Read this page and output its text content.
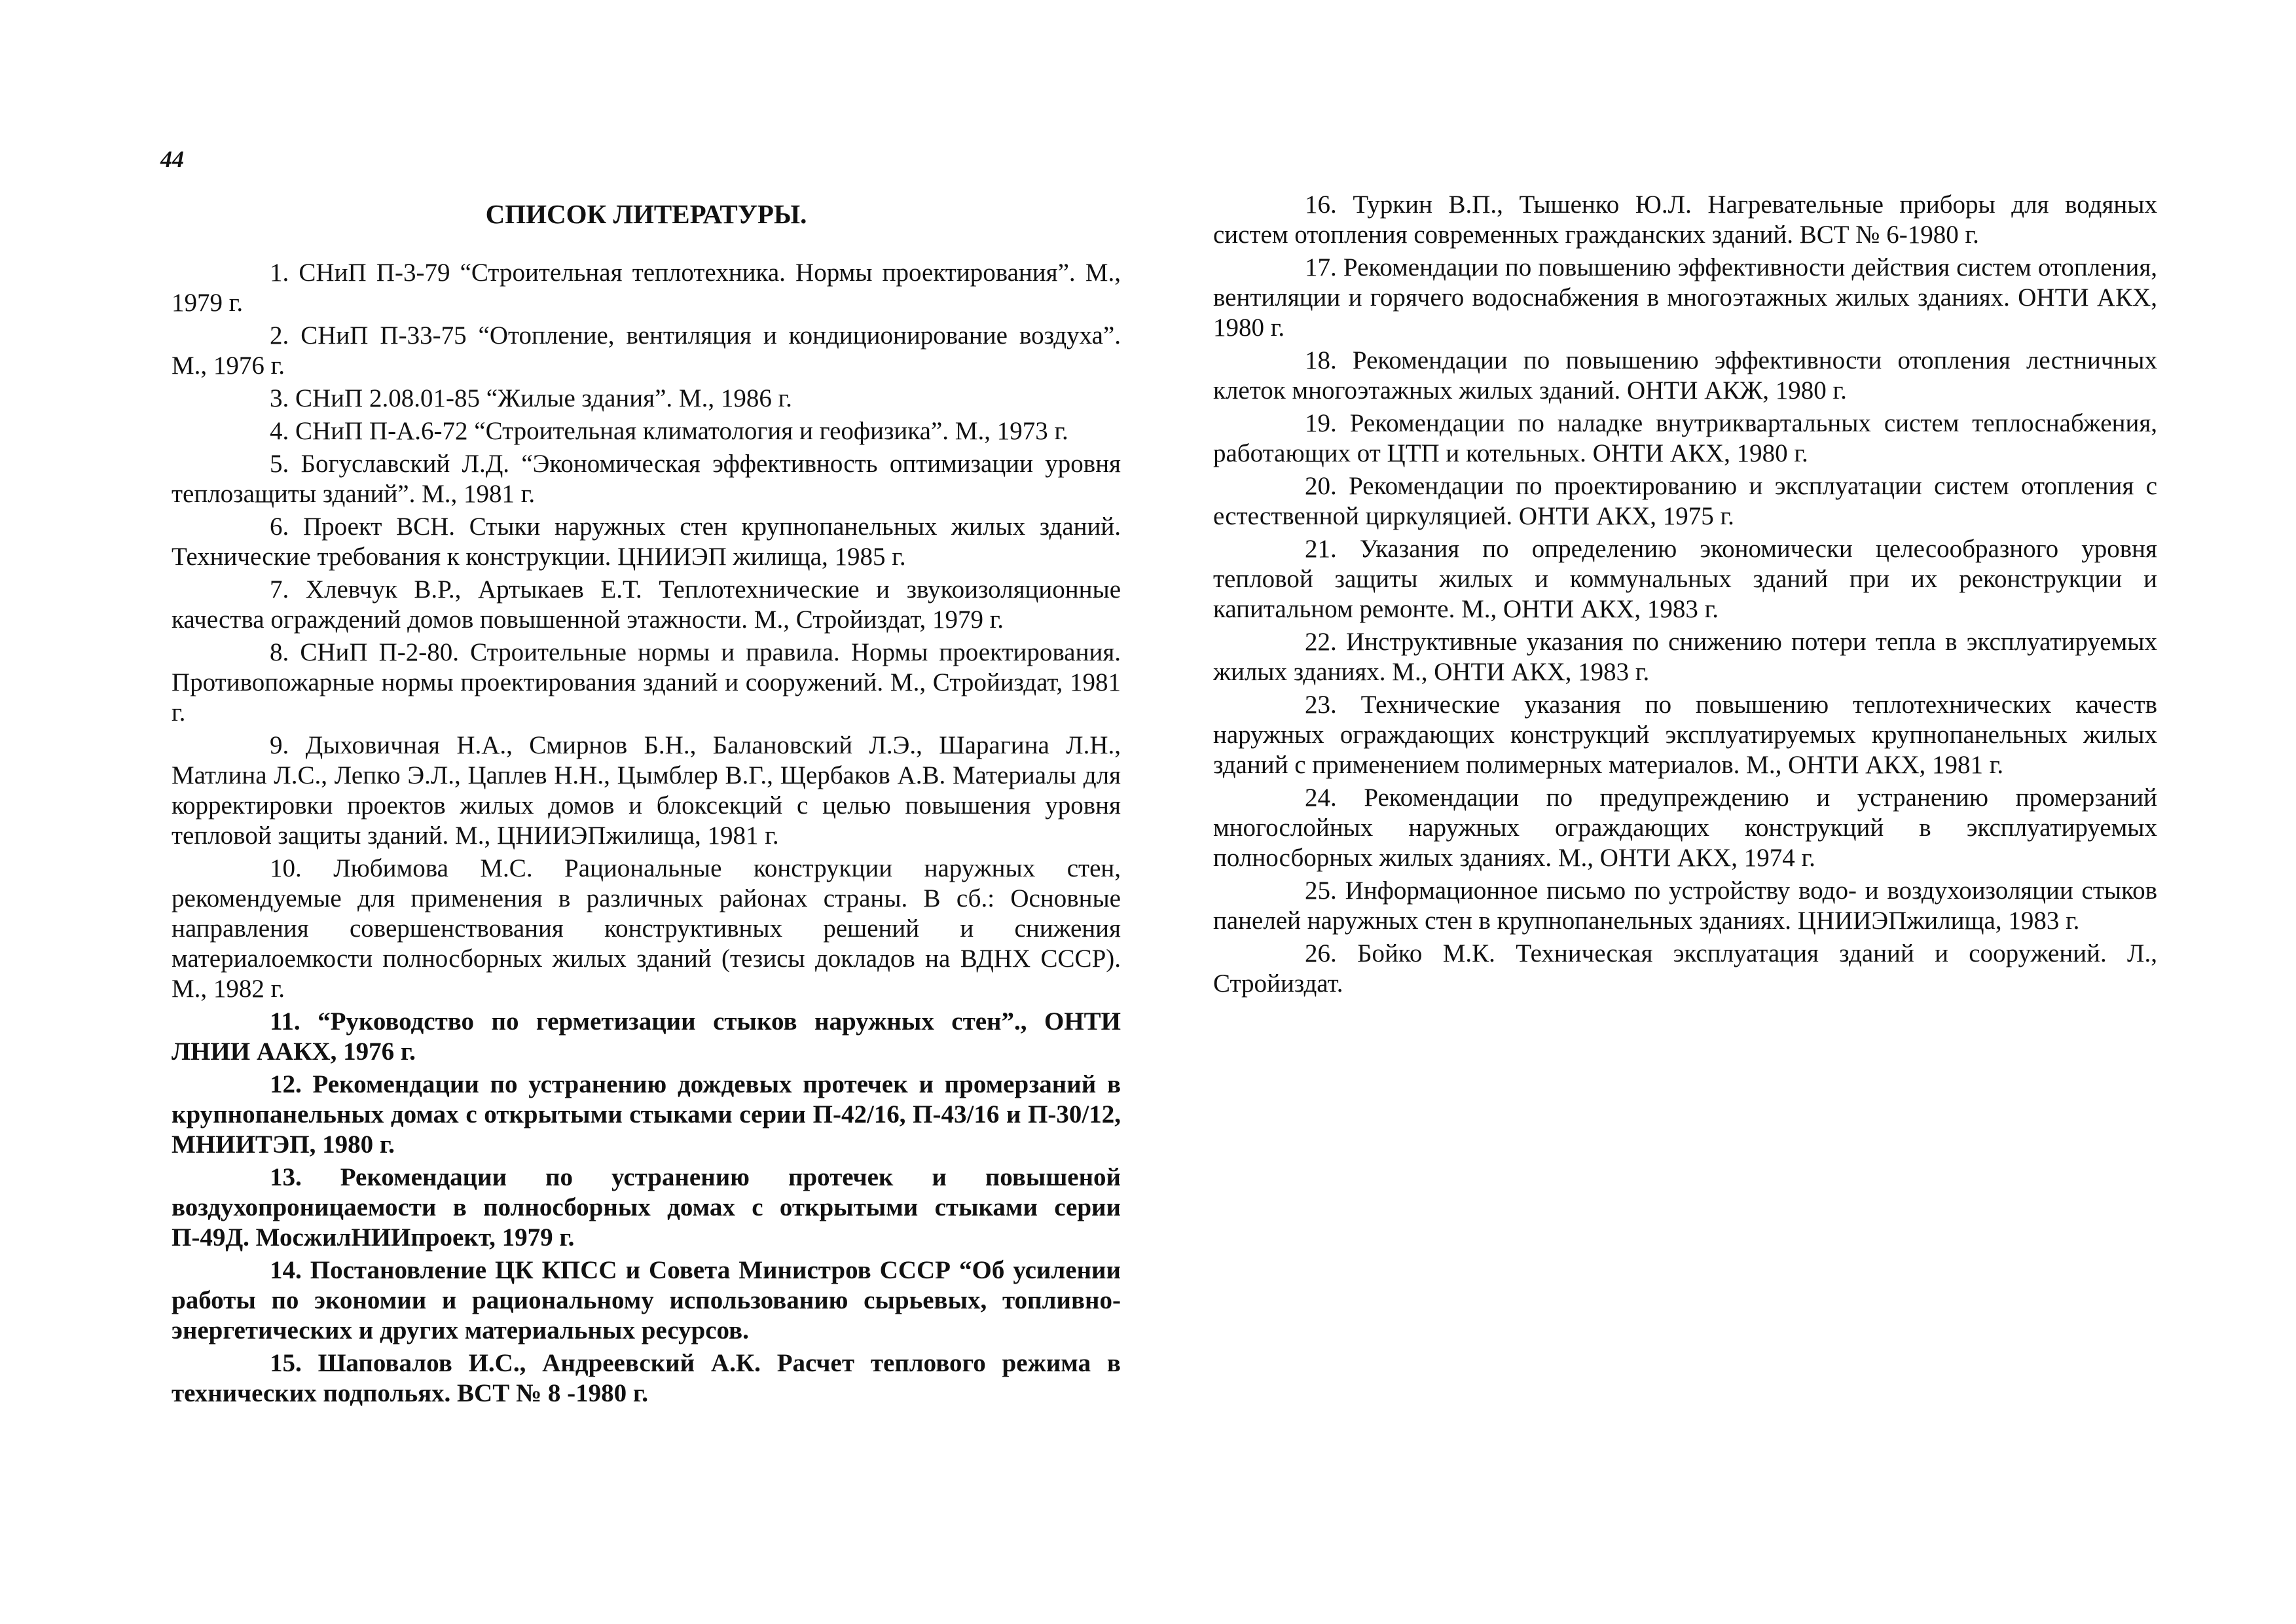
44

СПИСОК ЛИТЕРАТУРЫ.
1. СНиП П-3-79 “Строительная теплотехника. Нормы проектирования”. М., 1979 г.
2. СНиП П-33-75 “Отопление, вентиляция и кондиционирование воздуха”. М., 1976 г.
3. СНиП 2.08.01-85 “Жилые здания”. М., 1986 г.
4. СНиП П-А.6-72 “Строительная климатология и геофизика”. М., 1973 г.
5. Богуславский Л.Д. “Экономическая эффективность оптимизации уровня теплозащиты зданий”. М., 1981 г.
6. Проект ВСН. Стыки наружных стен крупнопанельных жилых зданий. Технические требования к конструкции. ЦНИИЭП жилища, 1985 г.
7. Хлевчук В.Р., Артыкаев Е.Т. Теплотехнические и звукоизоляционные качества ограждений домов повышенной этажности. М., Стройиздат, 1979 г.
8. СНиП П-2-80. Строительные нормы и правила. Нормы проектирования. Противопожарные нормы проектирования зданий и сооружений. М., Стройиздат, 1981 г.
9. Дыховичная Н.А., Смирнов Б.Н., Балановский Л.Э., Шарагина Л.Н., Матлина Л.С., Лепко Э.Л., Цаплев Н.Н., Цымблер В.Г., Щербаков А.В. Материалы для корректировки проектов жилых домов и блоксекций с целью повышения уровня тепловой защиты зданий. М., ЦНИИЭПжилища, 1981 г.
10. Любимова М.С. Рациональные конструкции наружных стен, рекомендуемые для применения в различных районах страны. В сб.: Основные направления совершенствования конструктивных решений и снижения материалоемкости полносборных жилых зданий (тезисы докладов на ВДНХ СССР). М., 1982 г.
11. “Руководство по герметизации стыков наружных стен”., ОНТИ ЛНИИ ААКХ, 1976 г.
12. Рекомендации по устранению дождевых протечек и промерзаний в крупнопанельных домах с открытыми стыками серии П-42/16, П-43/16 и П-30/12, МНИИТЭП, 1980 г.
13. Рекомендации по устранению протечек и повышеной воздухопроницаемости в полносборных домах с открытыми стыками серии П-49Д. МосжилНИИпроект, 1979 г.
14. Постановление ЦК КПСС и Совета Министров СССР “Об усилении работы по экономии и рациональному использованию сырьевых, топливно-энергетических и других материальных ресурсов.
15. Шаповалов И.С., Андреевский А.К. Расчет теплового режима в технических подпольях. ВСТ № 8 -1980 г.
16. Туркин В.П., Тышенко Ю.Л. Нагревательные приборы для водяных систем отопления современных гражданских зданий. ВСТ № 6-1980 г.
17. Рекомендации по повышению эффективности действия систем отопления, вентиляции и горячего водоснабжения в многоэтажных жилых зданиях. ОНТИ АКХ, 1980 г.
18. Рекомендации по повышению эффективности отопления лестничных клеток многоэтажных жилых зданий. ОНТИ АКЖ, 1980 г.
19. Рекомендации по наладке внутриквартальных систем теплоснабжения, работающих от ЦТП и котельных. ОНТИ АКХ, 1980 г.
20. Рекомендации по проектированию и эксплуатации систем отопления с естественной циркуляцией. ОНТИ АКХ, 1975 г.
21. Указания по определению экономически целесообразного уровня тепловой защиты жилых и коммунальных зданий при их реконструкции и капитальном ремонте. М., ОНТИ АКХ, 1983 г.
22. Инструктивные указания по снижению потери тепла в эксплуатируемых жилых зданиях. М., ОНТИ АКХ, 1983 г.
23. Технические указания по повышению теплотехнических качеств наружных ограждающих конструкций эксплуатируемых крупнопанельных жилых зданий с применением полимерных материалов. М., ОНТИ АКХ, 1981 г.
24. Рекомендации по предупреждению и устранению промерзаний многослойных наружных ограждающих конструкций в эксплуатируемых полносборных жилых зданиях. М., ОНТИ АКХ, 1974 г.
25. Информационное письмо по устройству водо- и воздухоизоляции стыков панелей наружных стен в крупнопанельных зданиях. ЦНИИЭПжилища, 1983 г.
26. Бойко М.К. Техническая эксплуатация зданий и сооружений. Л., Стройиздат.
